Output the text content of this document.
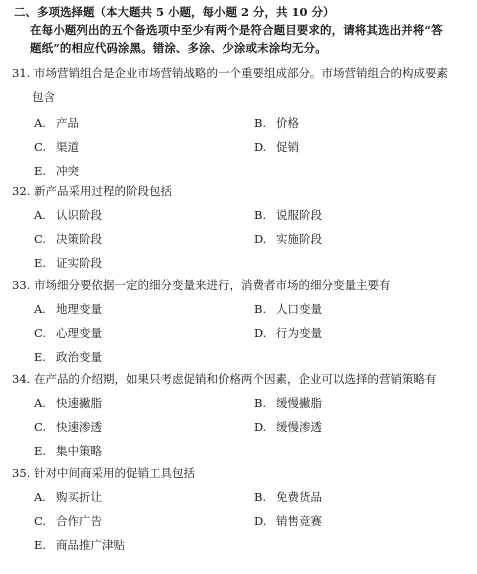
二、多项选择题（本大题共 5 小题，每小题 2 分，共 10 分）
在每小题列出的五个备选项中至少有两个是符合题目要求的，请将其选出并将“答
题纸”的相应代码涂黑。错涂、多涂、少涂或未涂均无分。
31. 市场营销组合是企业市场营销战略的一个重要组成部分。市场营销组合的构成要素
包含
A. 产品	B. 价格
C. 渠道	D. 促销
E. 冲突
32. 新产品采用过程的阶段包括
A. 认识阶段	B. 说服阶段
C. 决策阶段	D. 实施阶段
E. 证实阶段
33. 市场细分要依据一定的细分变量来进行，消费者市场的细分变量主要有
A. 地理变量	B. 人口变量
C. 心理变量	D. 行为变量
E. 政治变量
34. 在产品的介绍期，如果只考虑促销和价格两个因素，企业可以选择的营销策略有
A. 快速撇脂	B. 缓慢撇脂
C. 快速渗透	D. 缓慢渗透
E. 集中策略
35. 针对中间商采用的促销工具包括
A. 购买折让	B. 免费货品
C. 合作广告	D. 销售竞赛
E. 商品推广津贴
